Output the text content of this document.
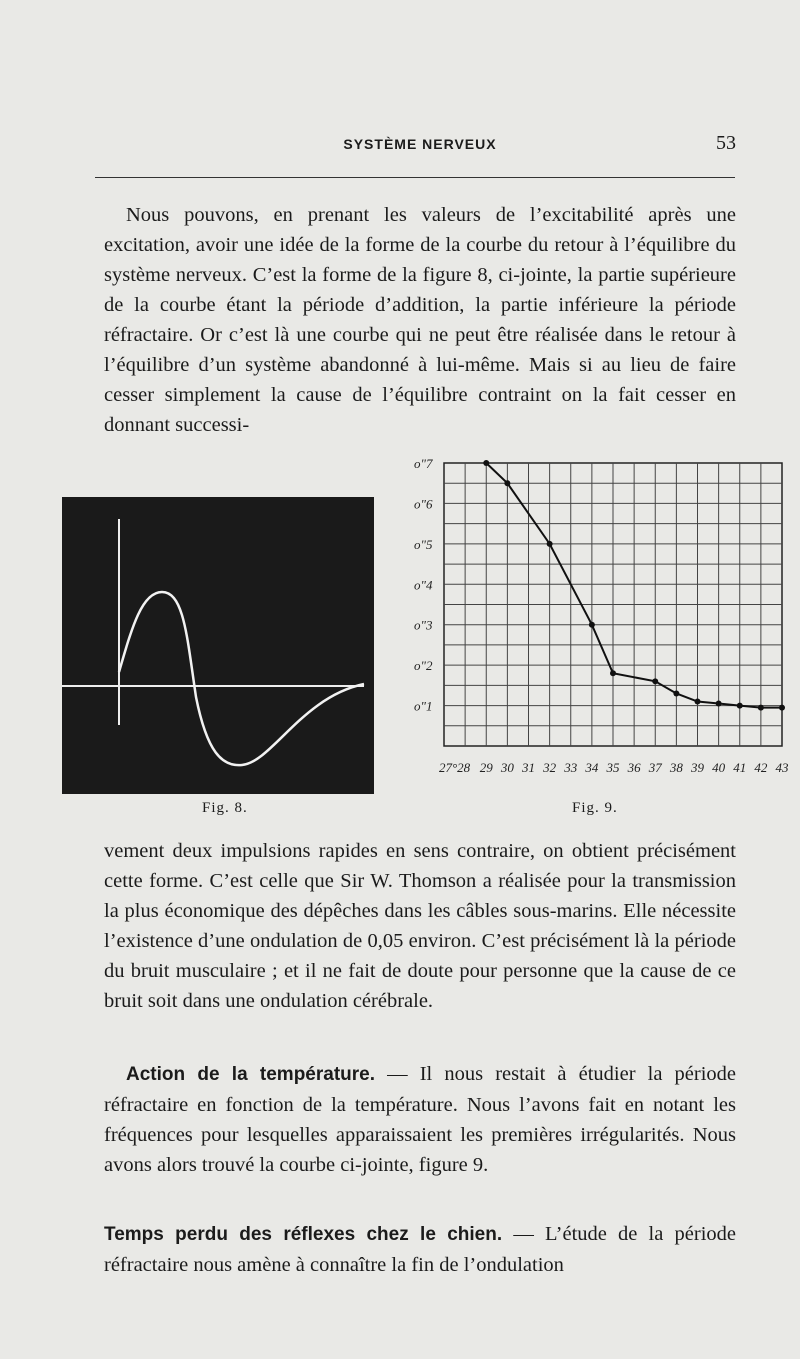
SYSTÈME NERVEUX	53

Nous pouvons, en prenant les valeurs de l’excitabilité après une excitation, avoir une idée de la forme de la courbe du retour à l’équilibre du système nerveux. C’est la forme de la figure 8, ci-jointe, la partie supérieure de la courbe étant la période d’addition, la partie inférieure la période réfractaire. Or c’est là une courbe qui ne peut être réalisée dans le retour à l’équilibre d’un système abandonné à lui-même. Mais si au lieu de faire cesser simplement la cause de l’équilibre contraint on la fait cesser en donnant successi-

Fig. 8.
o"1
o"2
o"3
o"4
o"5
o"6
o"7
27°28 29 30 31 32 33 34 35 36 37 38 39 40 41 42 43
Fig. 9.

vement deux impulsions rapides en sens contraire, on obtient précisément cette forme. C’est celle que Sir W. Thomson a réalisée pour la transmission la plus économique des dépêches dans les câbles sous-marins. Elle nécessite l’existence d’une ondulation de 0,05 environ. C’est précisément là la période du bruit musculaire ; et il ne fait de doute pour personne que la cause de ce bruit soit dans une ondulation cérébrale.

Action de la température. — Il nous restait à étudier la période réfractaire en fonction de la température. Nous l’avons fait en notant les fréquences pour lesquelles apparaissaient les premières irrégularités. Nous avons alors trouvé la courbe ci-jointe, figure 9.

Temps perdu des réflexes chez le chien. — L’étude de la période réfractaire nous amène à connaître la fin de l’ondulation
